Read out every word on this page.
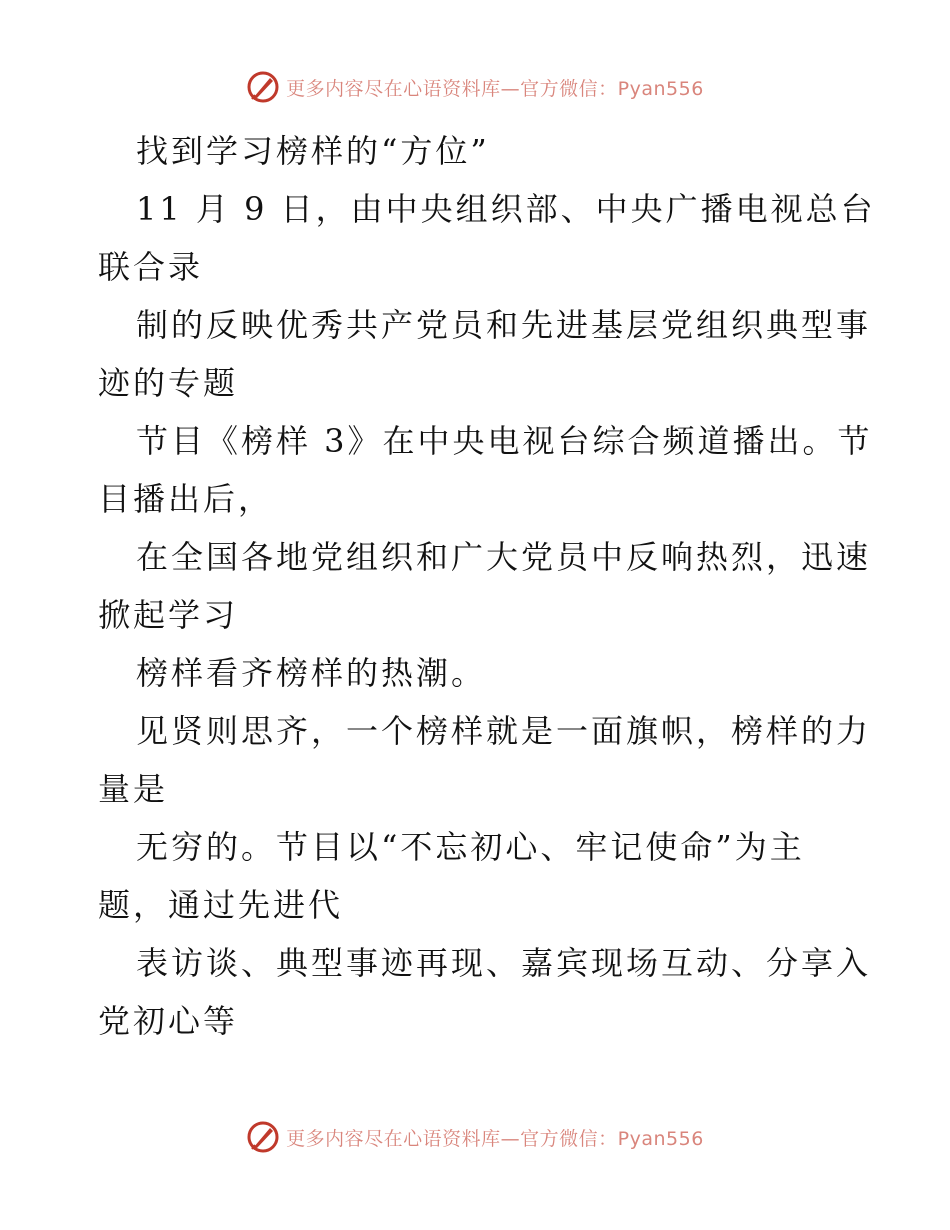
更多内容尽在心语资料库—官方微信：Pyan556

找到学习榜样的“方位”

11 月 9 日，由中央组织部、中央广播电视总台

联合录

制的反映优秀共产党员和先进基层党组织典型事

迹的专题

节目《榜样 3》在中央电视台综合频道播出。节

目播出后，

在全国各地党组织和广大党员中反响热烈，迅速

掀起学习

榜样看齐榜样的热潮。

见贤则思齐，一个榜样就是一面旗帜，榜样的力

量是

无穷的。节目以“不忘初心、牢记使命”为主

题，通过先进代

表访谈、典型事迹再现、嘉宾现场互动、分享入

党初心等

更多内容尽在心语资料库—官方微信：Pyan556
